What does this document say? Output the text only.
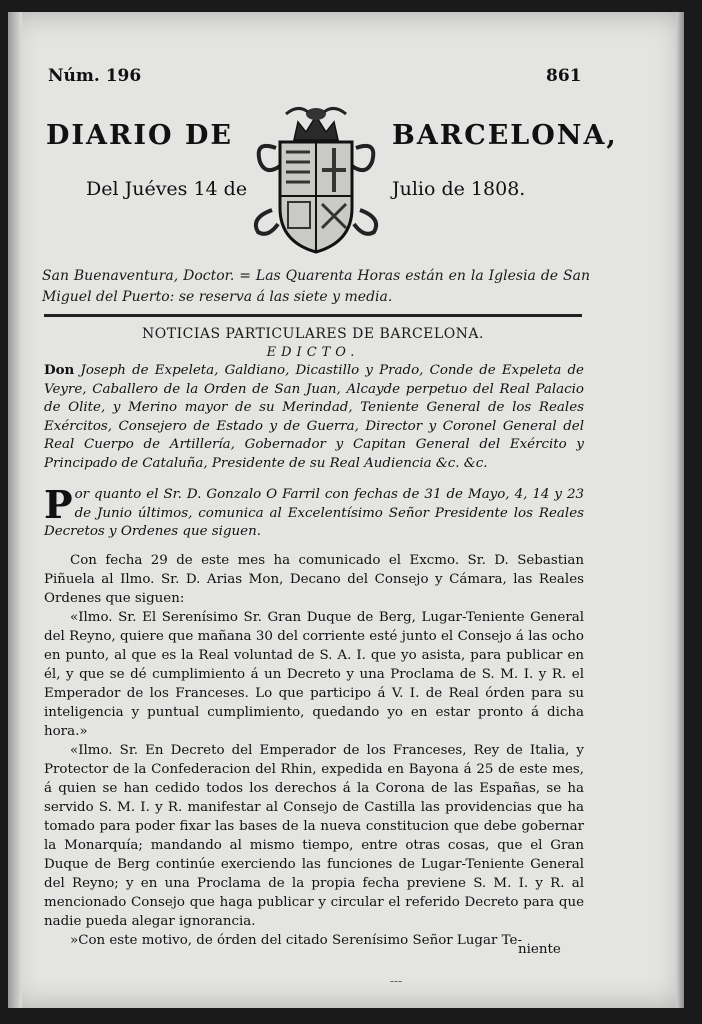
Núm. 196	861
DIARIO DE	BARCELONA,
Del Juéves 14 de	Julio de 1808.
San Buenaventura, Doctor. = Las Quarenta Horas están en la Iglesia de San Miguel del Puerto: se reserva á las siete y media.
NOTICIAS PARTICULARES DE BARCELONA.
EDICTO.
Don Joseph de Expeleta, Galdiano, Dicastillo y Prado, Conde de Expeleta de Veyre, Caballero de la Orden de San Juan, Alcayde perpetuo del Real Palacio de Olite, y Merino mayor de su Merindad, Teniente General de los Reales Exércitos, Consejero de Estado y de Guerra, Director y Coronel General del Real Cuerpo de Artillería, Gobernador y Capitan General del Exército y Principado de Cataluña, Presidente de su Real Audiencia &c. &c.
P or quanto el Sr. D. Gonzalo O Farril con fechas de 31 de Mayo, 4, 14 y 23 de Junio últimos, comunica al Excelentísimo Señor Presidente los Reales Decretos y Ordenes que siguen.

Con fecha 29 de este mes ha comunicado el Excmo. Sr. D. Sebastian Piñuela al Ilmo. Sr. D. Arias Mon, Decano del Consejo y Cámara, las Reales Ordenes que siguen:

«Ilmo. Sr. El Serenísimo Sr. Gran Duque de Berg, Lugar-Teniente General del Reyno, quiere que mañana 30 del corriente esté junto el Consejo á las ocho en punto, al que es la Real voluntad de S. A. I. que yo asista, para publicar en él, y que se dé cumplimiento á un Decreto y una Proclama de S. M. I. y R. el Emperador de los Franceses. Lo que participo á V. I. de Real órden para su inteligencia y puntual cumplimiento, quedando yo en estar pronto á dicha hora.»

«Ilmo. Sr. En Decreto del Emperador de los Franceses, Rey de Italia, y Protector de la Confederacion del Rhin, expedida en Bayona á 25 de este mes, á quien se han cedido todos los derechos á la Corona de las Españas, se ha servido S. M. I. y R. manifestar al Consejo de Castilla las providencias que ha tomado para poder fixar las bases de la nueva constitucion que debe gobernar la Monarquía; mandando al mismo tiempo, entre otras cosas, que el Gran Duque de Berg continúe exerciendo las funciones de Lugar-Teniente General del Reyno; y en una Proclama de la propia fecha previene S. M. I. y R. al mencionado Consejo que haga publicar y circular el referido Decreto para que nadie pueda alegar ignorancia.

»Con este motivo, de órden del citado Serenísimo Señor Lugar Te-

niente
---
